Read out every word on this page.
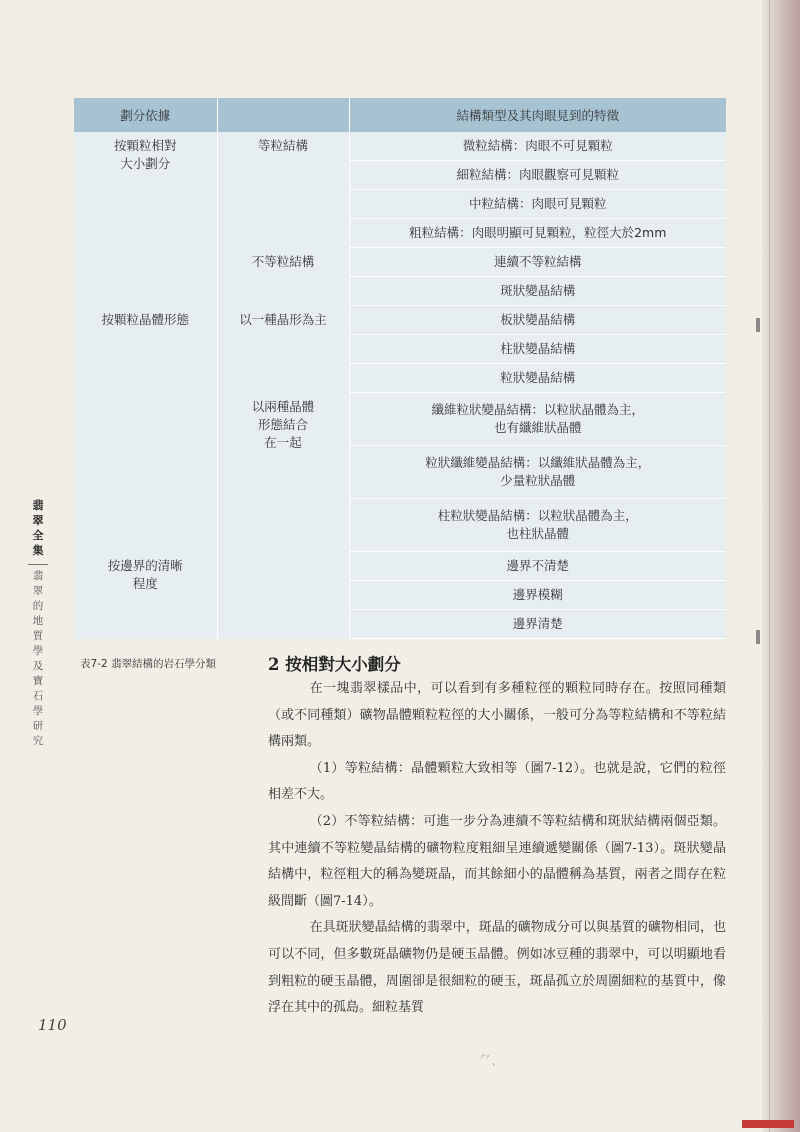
劃分依據		結構類型及其肉眼見到的特徵

按顆粒相對
大小劃分	等粒結構	微粒結構：肉眼不可見顆粒
		細粒結構：肉眼觀察可見顆粒
		中粒結構：肉眼可見顆粒
		粗粒結構：肉眼明顯可見顆粒，粒徑大於2mm

	不等粒結構	連續不等粒結構
		斑狀變晶結構

按顆粒晶體形態	以一種晶形為主	板狀變晶結構
		柱狀變晶結構
		粒狀變晶結構

	以兩種晶體
形態結合
在一起	纖維粒狀變晶結構：以粒狀晶體為主，
也有纖維狀晶體

		粒狀纖維變晶結構：以纖維狀晶體為主，
少量粒狀晶體

		柱粒狀變晶結構：以粒狀晶體為主，
也柱狀晶體

按邊界的清晰
程度		邊界不清楚
		邊界模糊
		邊界清楚

表7-2 翡翠結構的岩石學分類

翡
翠
全
集
翡
翠
的
地
質
學
及
寶
石
學
研
究
2 按相對大小劃分

在一塊翡翠樣品中，可以看到有多種粒徑的顆粒同時存在。按照同種類（或不同種類）礦物晶體顆粒粒徑的大小關係，一般可分為等粒結構和不等粒結構兩類。

（1）等粒結構：晶體顆粒大致相等（圖7-12）。也就是說，它們的粒徑相差不大。

（2）不等粒結構：可進一步分為連續不等粒結構和斑狀結構兩個亞類。其中連續不等粒變晶結構的礦物粒度粗細呈連續遞變關係（圖7-13）。斑狀變晶結構中，粒徑粗大的稱為變斑晶，而其餘細小的晶體稱為基質，兩者之間存在粒級間斷（圖7-14）。

在具斑狀變晶結構的翡翠中，斑晶的礦物成分可以與基質的礦物相同，也可以不同，但多數斑晶礦物仍是硬玉晶體。例如冰豆種的翡翠中，可以明顯地看到粗粒的硬玉晶體，周圍卻是很細粒的硬玉，斑晶孤立於周圍細粒的基質中，像浮在其中的孤島。細粒基質

110

⺈、
